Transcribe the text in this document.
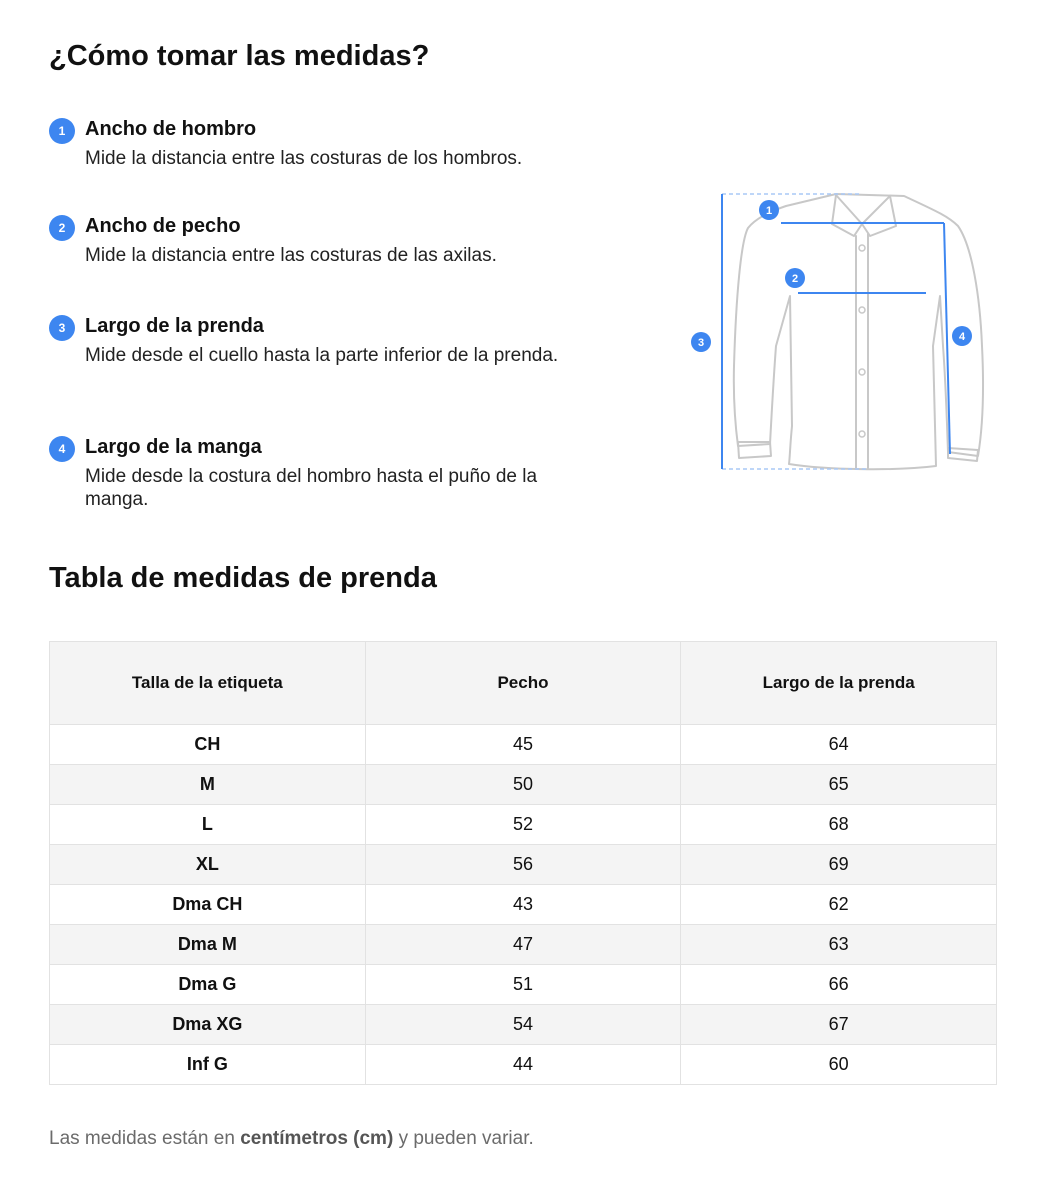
¿Cómo tomar las medidas?
1 Ancho de hombro
Mide la distancia entre las costuras de los hombros.
2 Ancho de pecho
Mide la distancia entre las costuras de las axilas.
3 Largo de la prenda
Mide desde el cuello hasta la parte inferior de la prenda.
4 Largo de la manga
Mide desde la costura del hombro hasta el puño de la manga.
1
2
3	4
Tabla de medidas de prenda
Talla de la etiqueta	Pecho	Largo de la prenda
CH	45	64
M	50	65
L	52	68
XL	56	69
Dma CH	43	62
Dma M	47	63
Dma G	51	66
Dma XG	54	67
Inf G	44	60
Las medidas están en centímetros (cm) y pueden variar.
